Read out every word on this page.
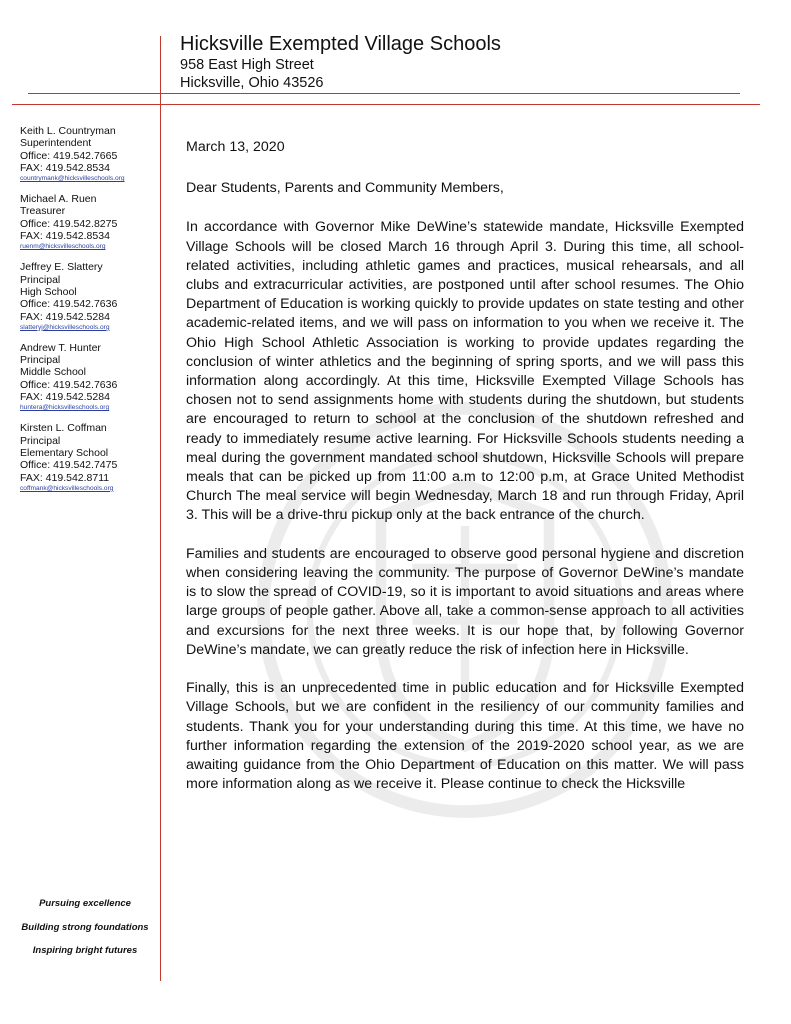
Hicksville Exempted Village Schools

958 East High Street

Hicksville, Ohio 43526

Keith L. Countryman
Superintendent
Office: 419.542.7665
FAX: 419.542.8534
countrymank@hicksvilleschools.org
Michael A. Ruen
Treasurer
Office: 419.542.8275
FAX: 419.542.8534
ruenm@hicksvilleschools.org
Jeffrey E. Slattery
Principal
High School
Office: 419.542.7636
FAX: 419.542.5284
slatteryj@hicksvilleschools.org
Andrew T. Hunter
Principal
Middle School
Office: 419.542.7636
FAX: 419.542.5284
huntera@hicksvilleschools.org
Kirsten L. Coffman
Principal
Elementary School
Office: 419.542.7475
FAX: 419.542.8711
coffmank@hicksvilleschools.org
Pursuing excellence
Building strong foundations
Inspiring bright futures

March 13, 2020

Dear Students, Parents and Community Members,

In accordance with Governor Mike DeWine’s statewide mandate, Hicksville Exempted Village Schools will be closed March 16 through April 3. During this time, all school-related activities, including athletic games and practices, musical rehearsals, and all clubs and extracurricular activities, are postponed until after school resumes. The Ohio Department of Education is working quickly to provide updates on state testing and other academic-related items, and we will pass on information to you when we receive it. The Ohio High School Athletic Association is working to provide updates regarding the conclusion of winter athletics and the beginning of spring sports, and we will pass this information along accordingly. At this time, Hicksville Exempted Village Schools has chosen not to send assignments home with students during the shutdown, but students are encouraged to return to school at the conclusion of the shutdown refreshed and ready to immediately resume active learning. For Hicksville Schools students needing a meal during the government mandated school shutdown, Hicksville Schools will prepare meals that can be picked up from 11:00 a.m to 12:00 p.m, at Grace United Methodist Church The meal service will begin Wednesday, March 18 and run through Friday, April 3. This will be a drive-thru pickup only at the back entrance of the church.

Families and students are encouraged to observe good personal hygiene and discretion when considering leaving the community. The purpose of Governor DeWine’s mandate is to slow the spread of COVID-19, so it is important to avoid situations and areas where large groups of people gather. Above all, take a common-sense approach to all activities and excursions for the next three weeks. It is our hope that, by following Governor DeWine’s mandate, we can greatly reduce the risk of infection here in Hicksville.

Finally, this is an unprecedented time in public education and for Hicksville Exempted Village Schools, but we are confident in the resiliency of our community families and students. Thank you for your understanding during this time. At this time, we have no further information regarding the extension of the 2019-2020 school year, as we are awaiting guidance from the Ohio Department of Education on this matter. We will pass more information along as we receive it. Please continue to check the Hicksville
